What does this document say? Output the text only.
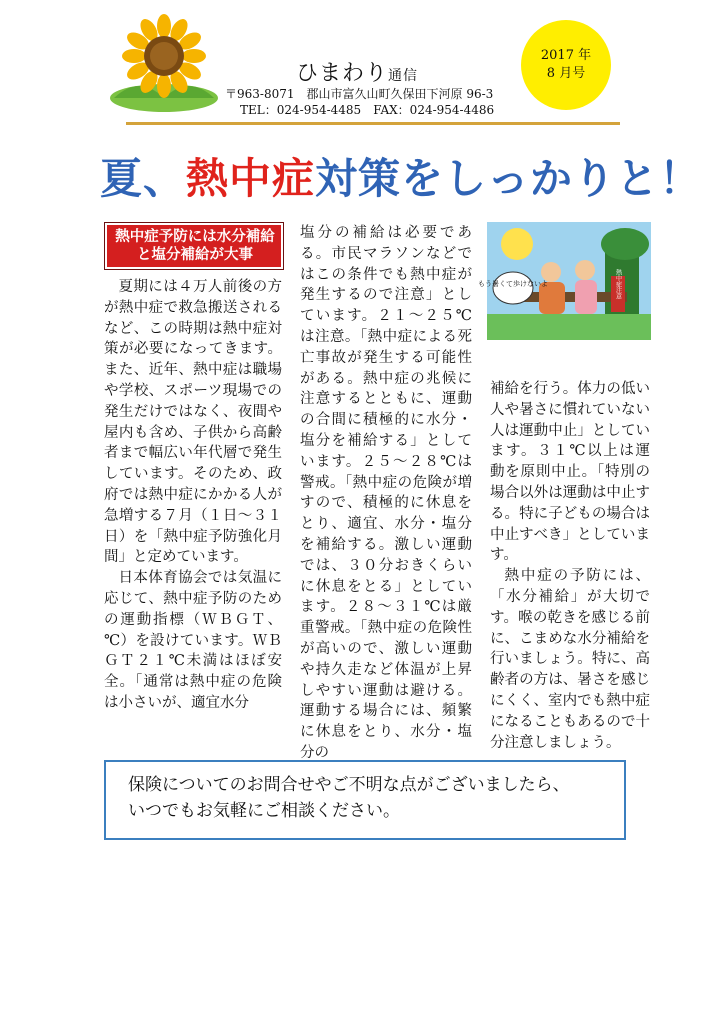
ひまわり通信
〒963-8071　郡山市富久山町久保田下河原 96-3
TEL：024-954-4485　FAX：024-954-4486
2017 年
8 月号
夏、熱中症対策をしっかりと！
熱中症予防には水分補給と塩分補給が大事

夏期には４万人前後の方が熱中症で救急搬送されるなど、この時期は熱中症対策が必要になってきます。また、近年、熱中症は職場や学校、スポーツ現場での発生だけではなく、夜間や屋内も含め、子供から高齢者まで幅広い年代層で発生しています。そのため、政府では熱中症にかかる人が急増する７月（１日～３１日）を「熱中症予防強化月間」と定めています。

日本体育協会では気温に応じて、熱中症予防のための運動指標（ＷＢＧＴ、℃）を設けています。ＷＢＧＴ２１℃未満はほぼ安全。「通常は熱中症の危険は小さいが、適宜水分

塩分の補給は必要である。市民マラソンなどではこの条件でも熱中症が発生するので注意」としています。２１～２５℃は注意。「熱中症による死亡事故が発生する可能性がある。熱中症の兆候に注意するとともに、運動の合間に積極的に水分・塩分を補給する」としています。２５～２８℃は警戒。「熱中症の危険が増すので、積極的に休息をとり、適宜、水分・塩分を補給する。激しい運動では、３０分おきくらいに休息をとる」としています。２８～３１℃は厳重警戒。「熱中症の危険性が高いので、激しい運動や持久走など体温が上昇しやすい運動は避ける。運動する場合には、頻繁に休息をとり、水分・塩分の

もう暑くて歩けないよ	熱中症注意

補給を行う。体力の低い人や暑さに慣れていない人は運動中止」としています。３１℃以上は運動を原則中止。「特別の場合以外は運動は中止する。特に子どもの場合は中止すべき」としています。

熱中症の予防には、「水分補給」が大切です。喉の乾きを感じる前に、こまめな水分補給を行いましょう。特に、高齢者の方は、暑さを感じにくく、室内でも熱中症になることもあるので十分注意しましょう。

保険についてのお問合せやご不明な点がございましたら、
いつでもお気軽にご相談ください。
